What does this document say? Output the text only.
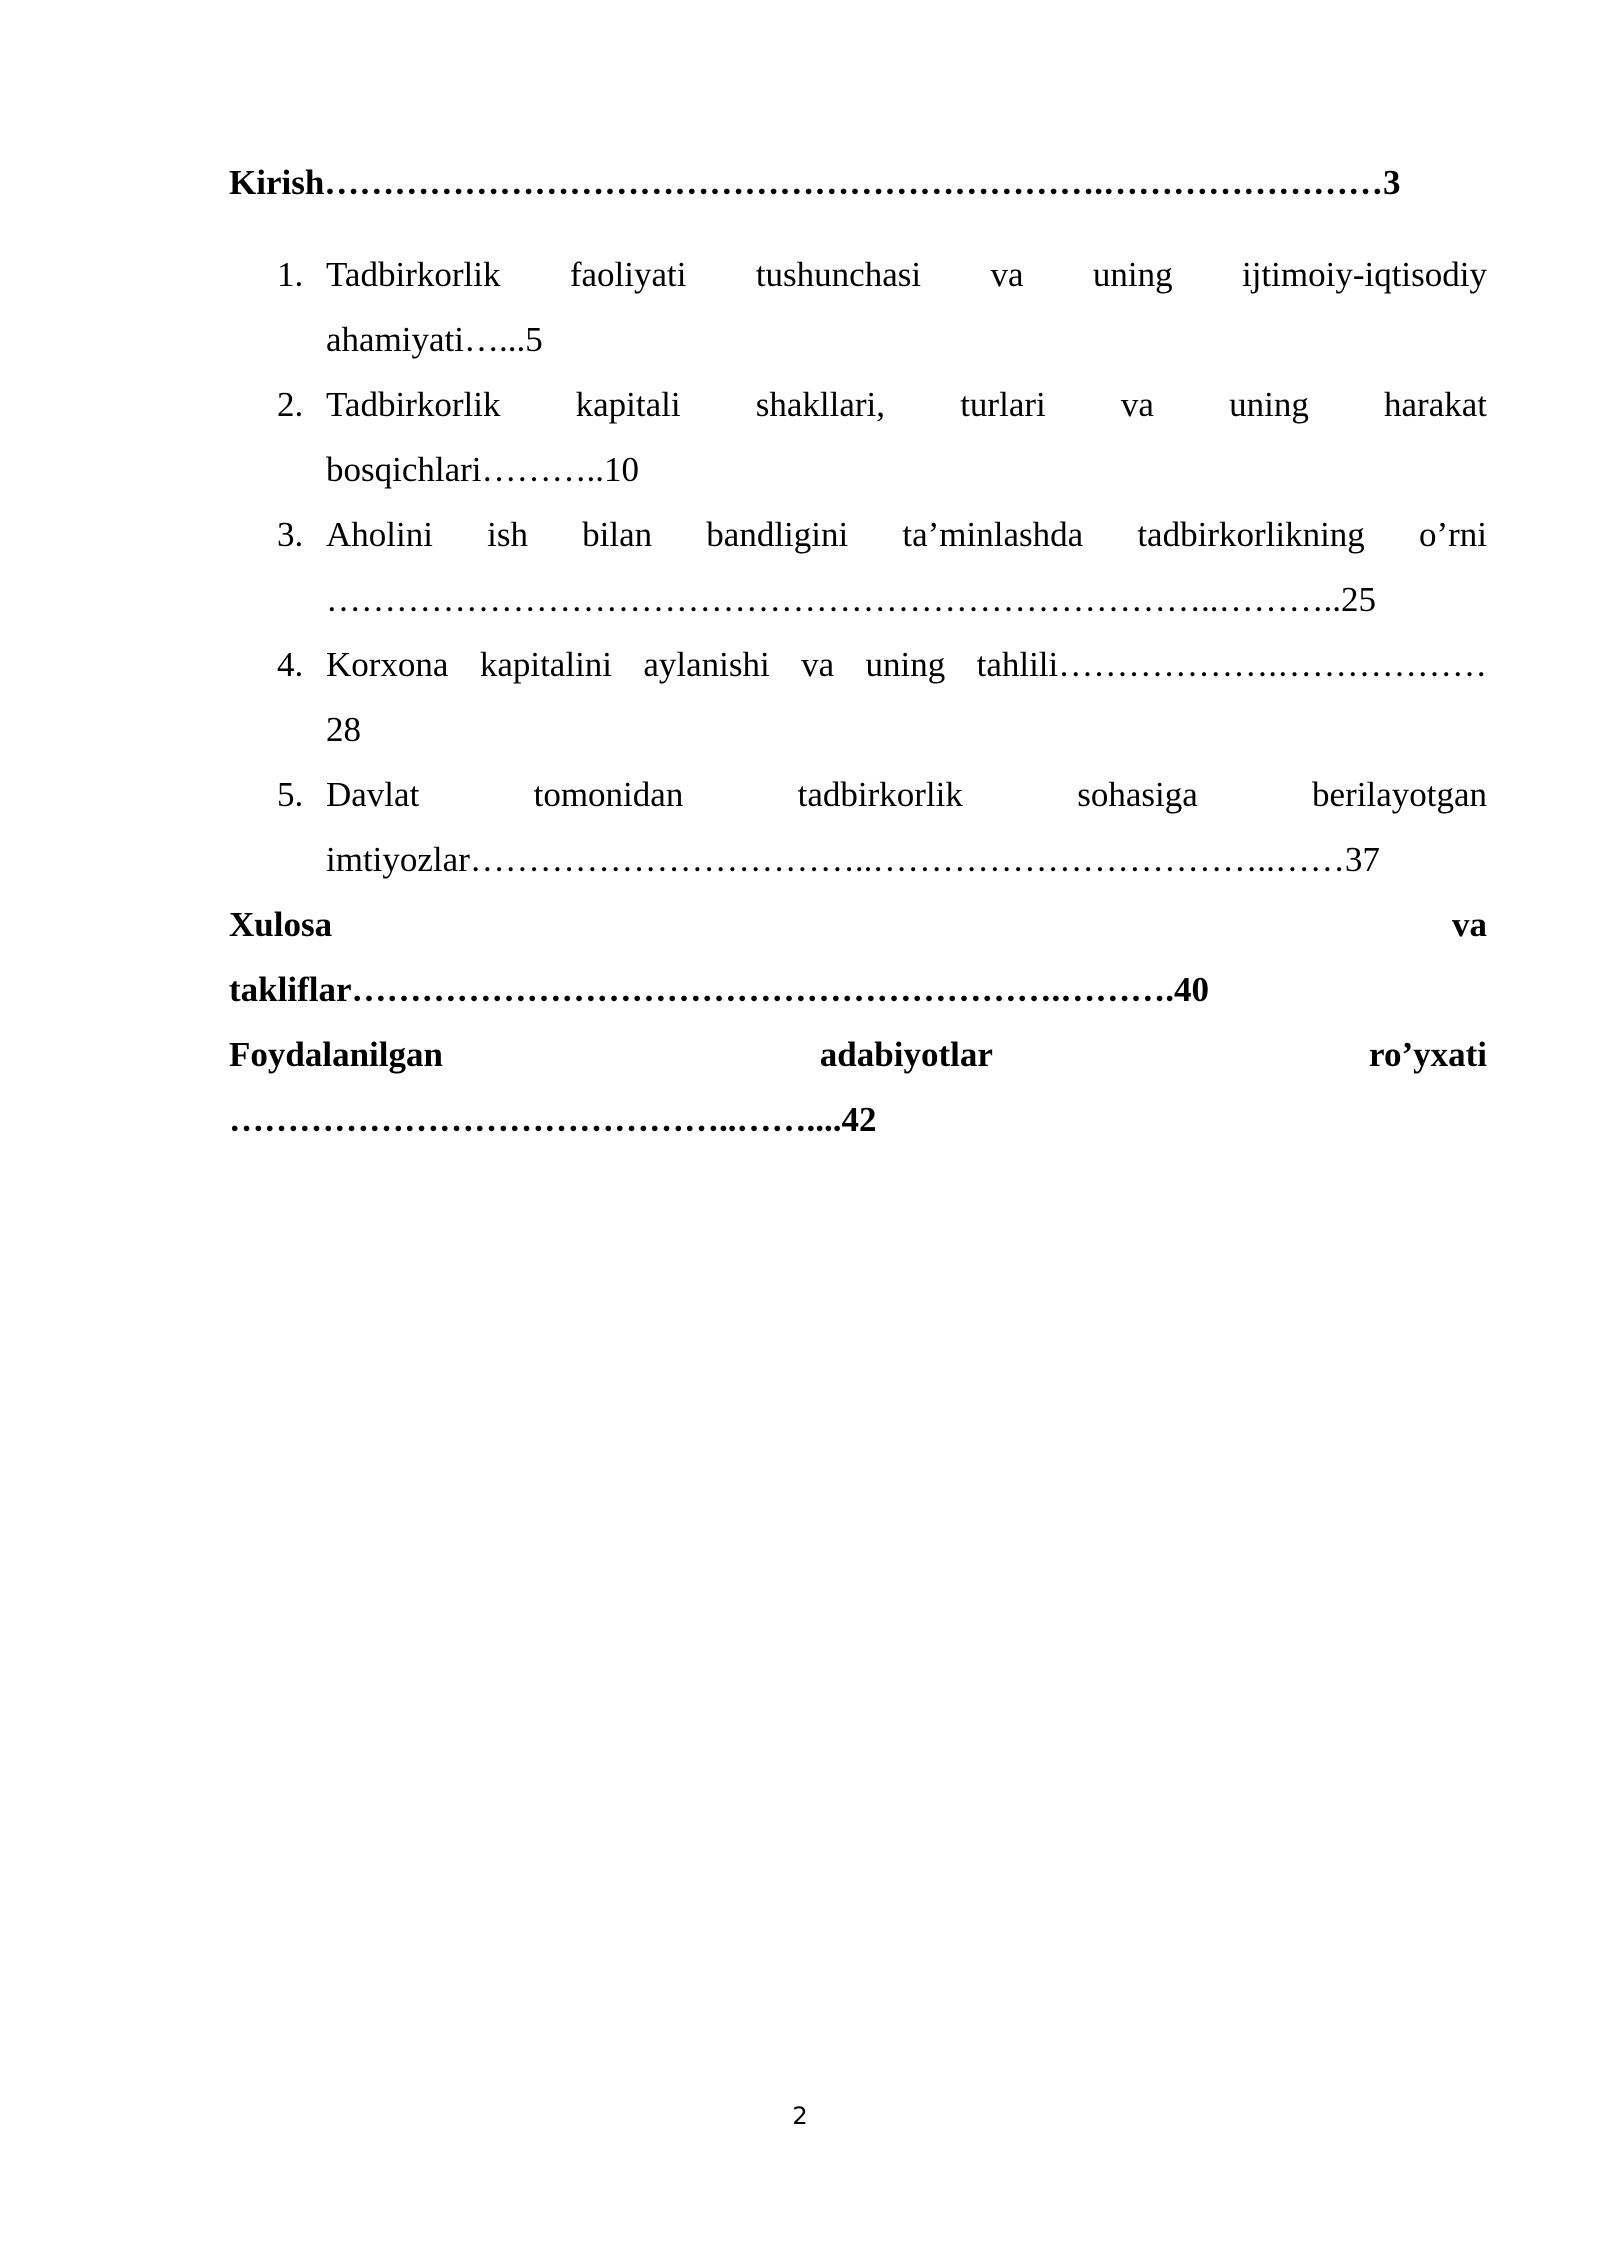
Kirish………………………………………………………….……………………3
1. Tadbirkorlik faoliyati tushunchasi va uning ijtimoiy-iqtisodiy
ahamiyati…...5
2. Tadbirkorlik kapitali shakllari, turlari va uning harakat
bosqichlari………..10
3. Aholini ish bilan bandligini ta’minlashda tadbirkorlikning o’rni
…………………………………………………………………..………..25
4. Korxona kapitalini aylanishi va uning tahlili……………….………………
28
5. Davlat tomonidan tadbirkorlik sohasiga berilayotgan
imtiyozlar……………………………..……………………………..……37
Xulosa va
takliflar…………………………………………………….……….40
Foydalanilgan adabiyotlar ro’yxati
……………………………………..……....42
2
